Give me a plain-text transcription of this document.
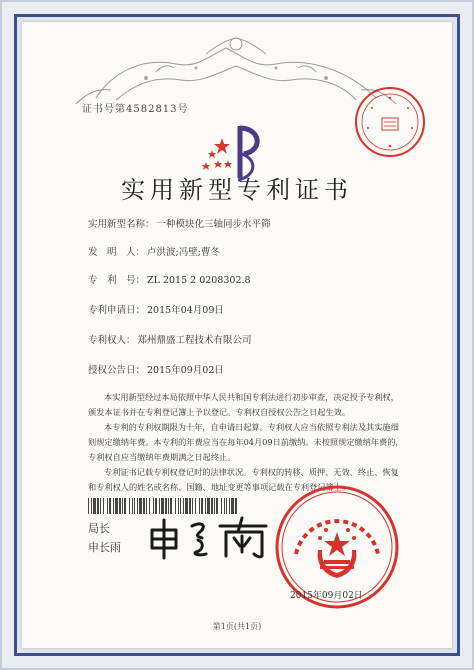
证书号第4582813号
实用新型专利证书
实用新型名称： 一种模块化三轴同步水平筛
发　明　人： 卢洪波;冯壁;曹冬
专　利　号： ZL 2015 2 0208302.8
专利申请日： 2015年04月09日
专利权人： 郑州鼎盛工程技术有限公司
授权公告日： 2015年09月02日

本实用新型经过本局依照中华人民共和国专利法进行初步审查，决定授予专利权，颁发本证书并在专利登记簿上予以登记。专利权自授权公告之日起生效。

本专利的专利权期限为十年，自申请日起算。专利权人应当依照专利法及其实施细则规定缴纳年费。本专利的年费应当在每年04月09日前缴纳。未按照规定缴纳年费的，专利权自应当缴纳年费期满之日起终止。

专利证书记载专利权登记时的法律状况。专利权的转移、质押、无效、终止、恢复和专利权人的姓名或名称、国籍、地址变更等事项记载在专利登记簿上。

局长
申长雨
2015年09月02日
第1页(共1页)
